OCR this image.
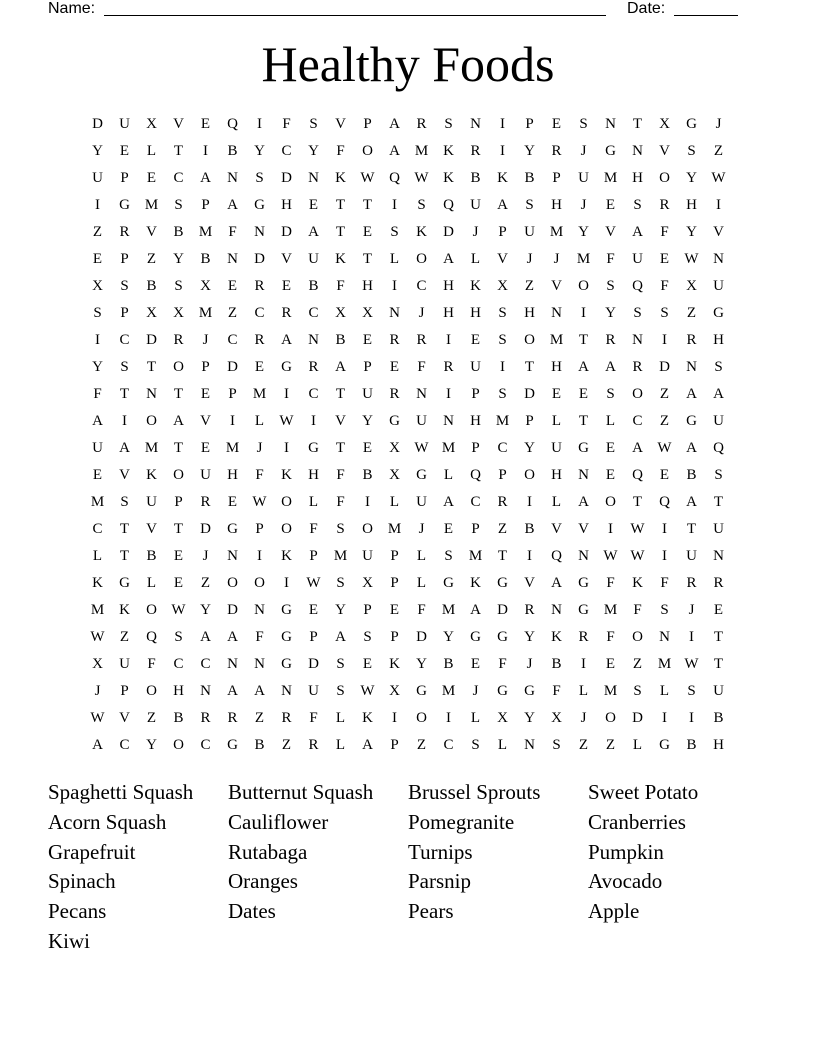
Name:	Date:
Healthy Foods
D	U	X	V	E	Q	I	F	S	V	P	A	R	S	N	I	P	E	S	N	T	X	G	J
Y	E	L	T	I	B	Y	C	Y	F	O	A M K	R	I	Y	R	J	G	N	V	S	Z
U	P	E	C	A	N	S	D	N	K W Q W K	B	K	B	P	U M H	O	Y W
I	G M	S	P	A	G	H	E	T	T	I	S	Q	U	A	S	H	J	E	S	R	H	I
Z	R	V	B	M	F	N	D	A	T	E	S	K	D	J	P	U M Y	V	A	F	Y	V
E	P	Z	Y	B	N	D	V	U	K	T	L	O	A	L	V	J	J	M	F	U	E	W N
X	S	B	S	X	E	R	E	B	F	H	I	C	H	K	X	Z	V	O	S	Q	F	X	U
S	P	X	X M	Z	C	R	C	X	X	N	J	H	H	S	H	N	I	Y	S	S	Z	G
I	C	D	R	J	C	R	A	N	B	E	R	R	I	E	S	O M	T	R	N	I	R	H
Y	S	T	O	P	D	E	G	R	A	P	E	F	R	U	I	T	H	A	A	R	D	N	S
F	T	N	T	E	P	M	I	C	T	U	R	N	I	P	S	D	E	E	S	O	Z	A	A
A	I	O	A	V	I	L	W	I	V	Y	G	U	N	H M	P	L	T	L	C	Z	G	U
U	A M	T	E	M	J	I	G	T	E	X W M	P	C	Y	U	G	E	A W A	Q
E	V	K	O	U	H	F	K	H	F	B	X	G	L	Q	P	O	H	N	E	Q	E	B	S
M	S	U	P	R	E	W O	L	F	I	L	U	A	C	R	I	L	A	O	T	Q	A	T
C	T	V	T	D	G	P	O	F	S	O M	J	E	P	Z	B	V	V	I	W	I	T	U
L	T	B	E	J	N	I	K	P	M U	P	L	S	M	T	I	Q	N W W	I	U	N
K	G	L	E	Z	O	O	I	W	S	X	P	L	G	K	G	V	A	G	F	K	F	R	R
M K	O W Y	D	N	G	E	Y	P	E	F	M A	D	R	N	G M	F	S	J	E
W	Z	Q	S	A	A	F	G	P	A	S	P	D	Y	G	G	Y	K	R	F	O	N	I	T
X	U	F	C	C	N	N	G	D	S	E	K	Y	B	E	F	J	B	I	E	Z	M W	T
J	P	O	H	N	A	A	N	U	S	W X	G M	J	G	G	F	L	M	S	L	S	U
W V	Z	B	R	R	Z	R	F	L	K	I	O	I	L	X	Y	X	J	O	D	I	I	B
A	C	Y	O	C	G	B	Z	R	L	A	P	Z	C	S	L	N	S	Z	Z	L	G	B	H
Spaghetti Squash	Butternut Squash	Brussel Sprouts	Sweet Potato
Acorn Squash	Cauliflower	Pomegranite	Cranberries
Grapefruit	Rutabaga	Turnips	Pumpkin
Spinach	Oranges	Parsnip	Avocado
Pecans	Dates	Pears	Apple
Kiwi
